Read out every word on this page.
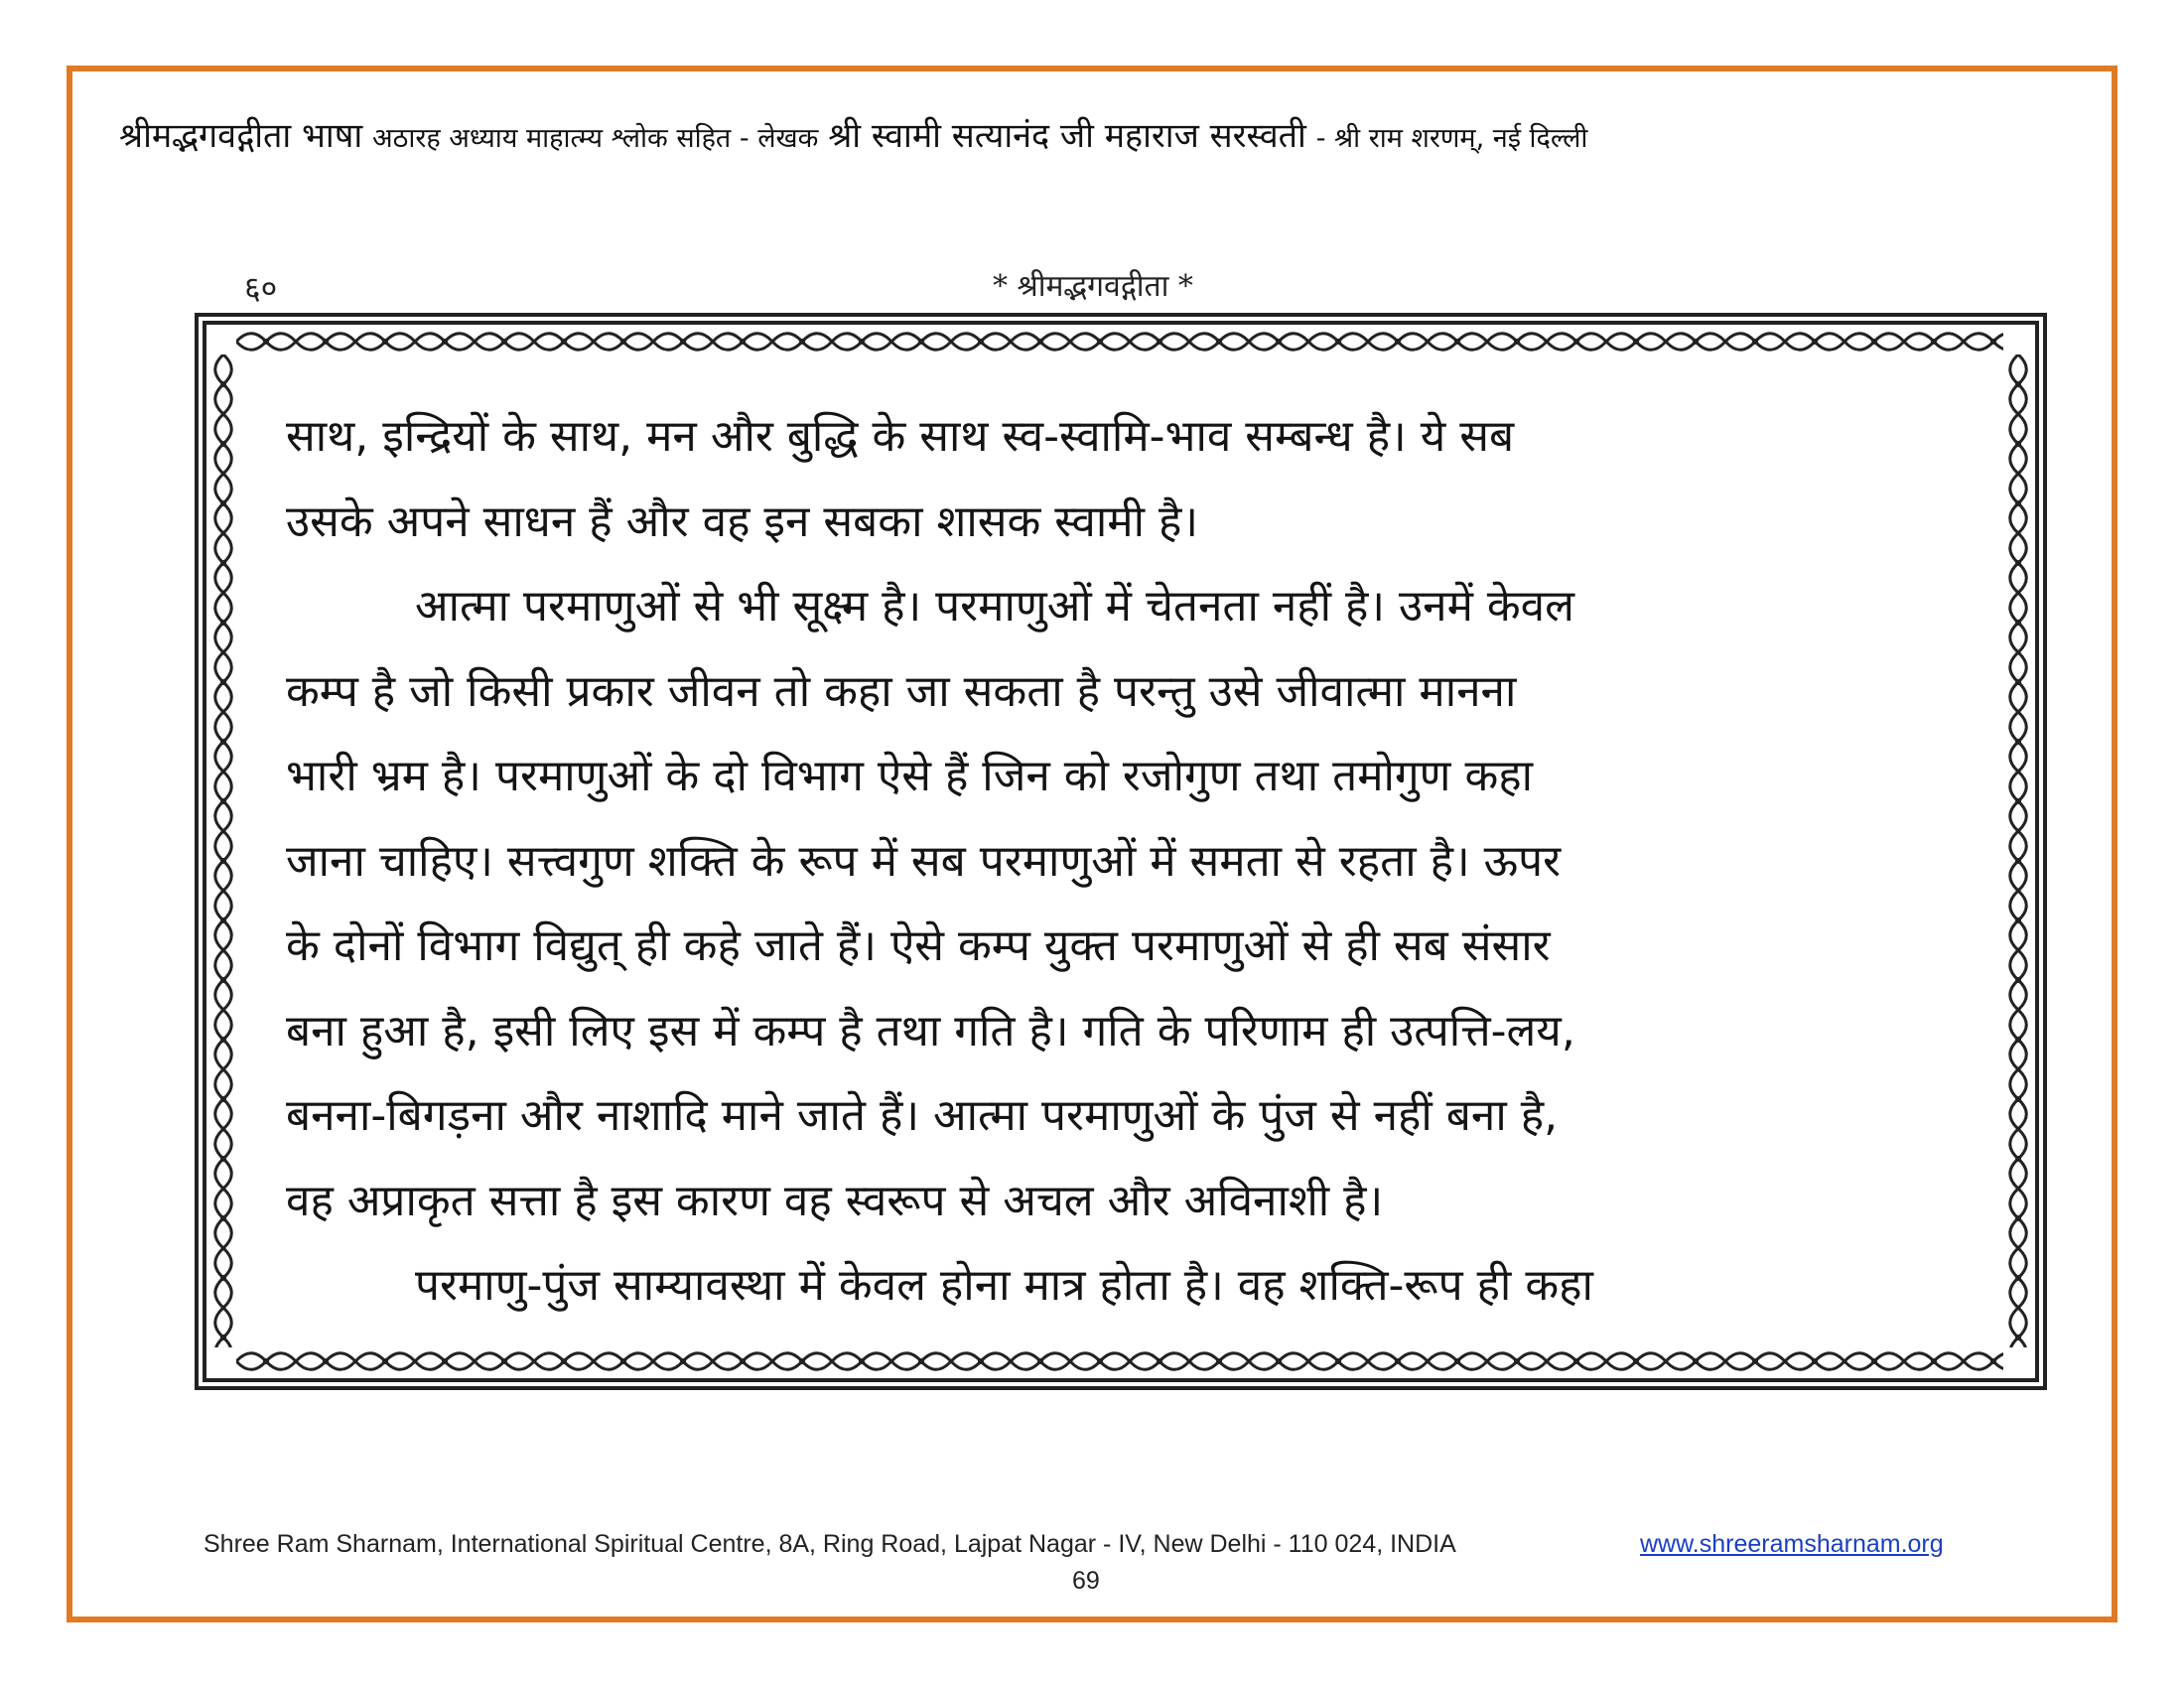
श्रीमद्भगवद्गीता भाषा अठारह अध्याय माहात्म्य श्लोक सहित - लेखक श्री स्वामी सत्यानंद जी महाराज सरस्वती - श्री राम शरणम्, नई दिल्ली
६०	* श्रीमद्भगवद्गीता *
साथ, इन्द्रियों के साथ, मन और बुद्धि के साथ स्व-स्वामि-भाव सम्बन्ध है। ये सब
उसके अपने साधन हैं और वह इन सबका शासक स्वामी है।
आत्मा परमाणुओं से भी सूक्ष्म है। परमाणुओं में चेतनता नहीं है। उनमें केवल
कम्प है जो किसी प्रकार जीवन तो कहा जा सकता है परन्तु उसे जीवात्मा मानना
भारी भ्रम है। परमाणुओं के दो विभाग ऐसे हैं जिन को रजोगुण तथा तमोगुण कहा
जाना चाहिए। सत्त्वगुण शक्ति के रूप में सब परमाणुओं में समता से रहता है। ऊपर
के दोनों विभाग विद्युत् ही कहे जाते हैं। ऐसे कम्प युक्त परमाणुओं से ही सब संसार
बना हुआ है, इसी लिए इस में कम्प है तथा गति है। गति के परिणाम ही उत्पत्ति-लय,
बनना-बिगड़ना और नाशादि माने जाते हैं। आत्मा परमाणुओं के पुंज से नहीं बना है,
वह अप्राकृत सत्ता है इस कारण वह स्वरूप से अचल और अविनाशी है।
परमाणु-पुंज साम्यावस्था में केवल होना मात्र होता है। वह शक्ति-रूप ही कहा
Shree Ram Sharnam, International Spiritual Centre, 8A, Ring Road, Lajpat Nagar - IV, New Delhi - 110 024, INDIA	www.shreeramsharnam.org
69
